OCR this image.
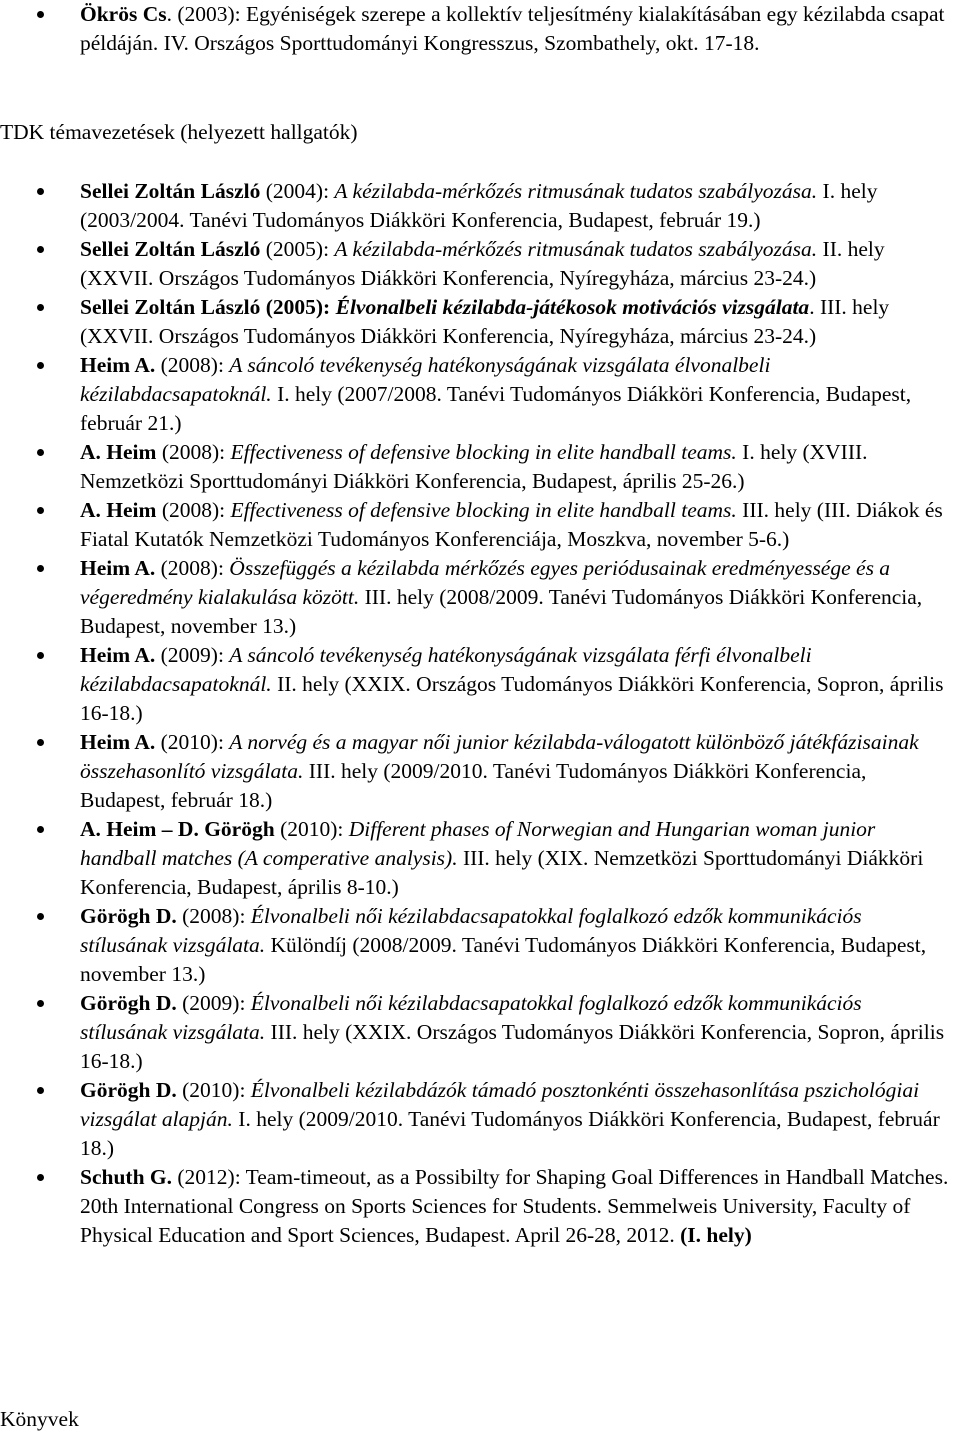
Ökrös Cs. (2003): Egyéniségek szerepe a kollektív teljesítmény kialakításában egy kézilabda csapat példáján. IV. Országos Sporttudományi Kongresszus, Szombathely, okt. 17-18.
TDK témavezetések (helyezett hallgatók)
Sellei Zoltán László (2004): A kézilabda-mérkőzés ritmusának tudatos szabályozása. I. hely (2003/2004. Tanévi Tudományos Diákköri Konferencia, Budapest, február 19.)
Sellei Zoltán László (2005): A kézilabda-mérkőzés ritmusának tudatos szabályozása. II. hely (XXVII. Országos Tudományos Diákköri Konferencia, Nyíregyháza, március 23-24.)
Sellei Zoltán László (2005): Élvonalbeli kézilabda-játékosok motivációs vizsgálata. III. hely (XXVII. Országos Tudományos Diákköri Konferencia, Nyíregyháza, március 23-24.)
Heim A. (2008): A sáncoló tevékenység hatékonyságának vizsgálata élvonalbeli kézilabdacsapatoknál. I. hely (2007/2008. Tanévi Tudományos Diákköri Konferencia, Budapest, február 21.)
A. Heim (2008): Effectiveness of defensive blocking in elite handball teams. I. hely (XVIII. Nemzetközi Sporttudományi Diákköri Konferencia, Budapest, április 25-26.)
A. Heim (2008): Effectiveness of defensive blocking in elite handball teams. III. hely (III. Diákok és Fiatal Kutatók Nemzetközi Tudományos Konferenciája, Moszkva, november 5-6.)
Heim A. (2008): Összefüggés a kézilabda mérkőzés egyes periódusainak eredményessége és a végeredmény kialakulása között. III. hely (2008/2009. Tanévi Tudományos Diákköri Konferencia, Budapest, november 13.)
Heim A. (2009): A sáncoló tevékenység hatékonyságának vizsgálata férfi élvonalbeli kézilabdacsapatoknál. II. hely (XXIX. Országos Tudományos Diákköri Konferencia, Sopron, április 16-18.)
Heim A. (2010): A norvég és a magyar női junior kézilabda-válogatott különböző játékfázisainak összehasonlító vizsgálata. III. hely (2009/2010. Tanévi Tudományos Diákköri Konferencia, Budapest, február 18.)
A. Heim – D. Görögh (2010): Different phases of Norwegian and Hungarian woman junior handball matches (A comperative analysis). III. hely (XIX. Nemzetközi Sporttudományi Diákköri Konferencia, Budapest, április 8-10.)
Görögh D. (2008): Élvonalbeli női kézilabdacsapatokkal foglalkozó edzők kommunikációs stílusának vizsgálata. Különdíj (2008/2009. Tanévi Tudományos Diákköri Konferencia, Budapest, november 13.)
Görögh D. (2009): Élvonalbeli női kézilabdacsapatokkal foglalkozó edzők kommunikációs stílusának vizsgálata. III. hely (XXIX. Országos Tudományos Diákköri Konferencia, Sopron, április 16-18.)
Görögh D. (2010): Élvonalbeli kézilabdázók támadó posztonkénti összehasonlítása pszichológiai vizsgálat alapján. I. hely (2009/2010. Tanévi Tudományos Diákköri Konferencia, Budapest, február 18.)
Schuth G. (2012): Team-timeout, as a Possibilty for Shaping Goal Differences in Handball Matches. 20th International Congress on Sports Sciences for Students. Semmelweis University, Faculty of Physical Education and Sport Sciences, Budapest. April 26-28, 2012. (I. hely)
Könyvek
